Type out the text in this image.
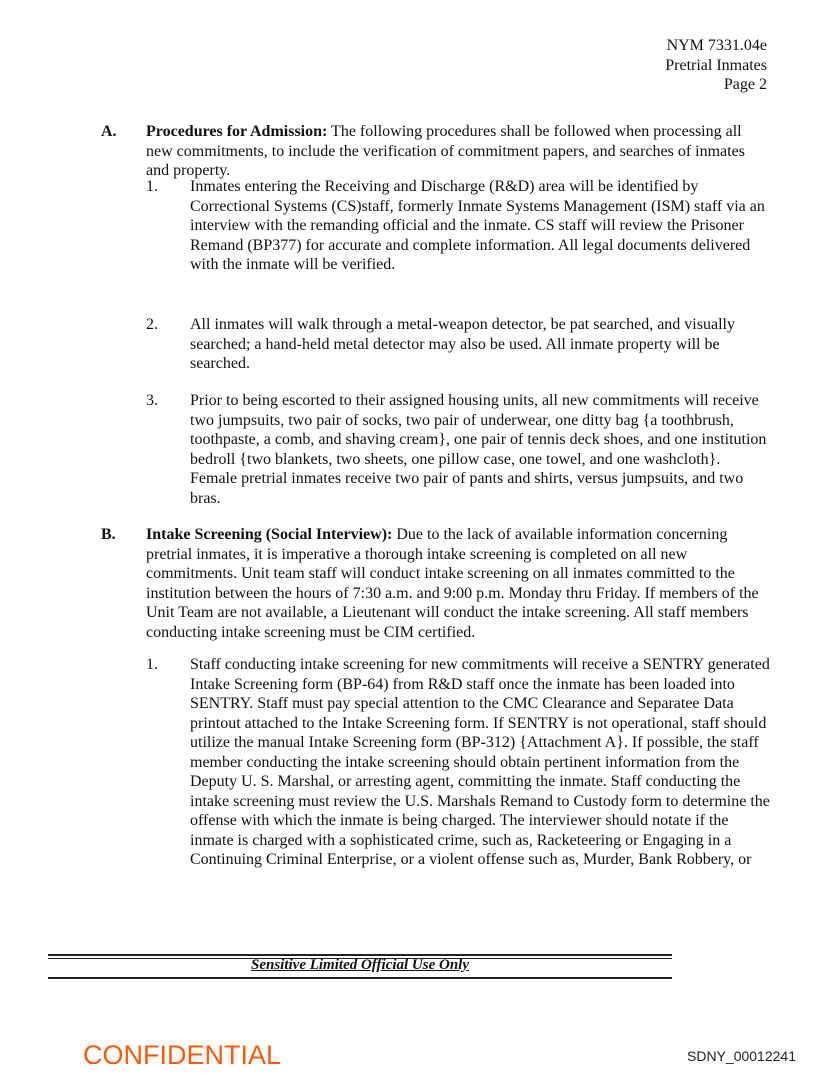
NYM 7331.04e
Pretrial Inmates
Page 2
A. Procedures for Admission: The following procedures shall be followed when processing all
new commitments, to include the verification of commitment papers, and searches of inmates
and property.
1. Inmates entering the Receiving and Discharge (R&D) area will be identified by
Correctional Systems (CS)staff, formerly Inmate Systems Management (ISM) staff via an
interview with the remanding official and the inmate. CS staff will review the Prisoner
Remand (BP377) for accurate and complete information. All legal documents delivered
with the inmate will be verified.
2. All inmates will walk through a metal-weapon detector, be pat searched, and visually
searched; a hand-held metal detector may also be used. All inmate property will be
searched.
3. Prior to being escorted to their assigned housing units, all new commitments will receive
two jumpsuits, two pair of socks, two pair of underwear, one ditty bag {a toothbrush,
toothpaste, a comb, and shaving cream}, one pair of tennis deck shoes, and one institution
bedroll {two blankets, two sheets, one pillow case, one towel, and one washcloth}.
Female pretrial inmates receive two pair of pants and shirts, versus jumpsuits, and two
bras.
B. Intake Screening (Social Interview): Due to the lack of available information concerning
pretrial inmates, it is imperative a thorough intake screening is completed on all new
commitments. Unit team staff will conduct intake screening on all inmates committed to the
institution between the hours of 7:30 a.m. and 9:00 p.m. Monday thru Friday. If members of the
Unit Team are not available, a Lieutenant will conduct the intake screening. All staff members
conducting intake screening must be CIM certified.
1. Staff conducting intake screening for new commitments will receive a SENTRY generated
Intake Screening form (BP-64) from R&D staff once the inmate has been loaded into
SENTRY. Staff must pay special attention to the CMC Clearance and Separatee Data
printout attached to the Intake Screening form. If SENTRY is not operational, staff should
utilize the manual Intake Screening form (BP-312) {Attachment A}. If possible, the staff
member conducting the intake screening should obtain pertinent information from the
Deputy U. S. Marshal, or arresting agent, committing the inmate. Staff conducting the
intake screening must review the U.S. Marshals Remand to Custody form to determine the
offense with which the inmate is being charged. The interviewer should notate if the
inmate is charged with a sophisticated crime, such as, Racketeering or Engaging in a
Continuing Criminal Enterprise, or a violent offense such as, Murder, Bank Robbery, or
Sensitive Limited Official Use Only
CONFIDENTIAL	SDNY_00012241
